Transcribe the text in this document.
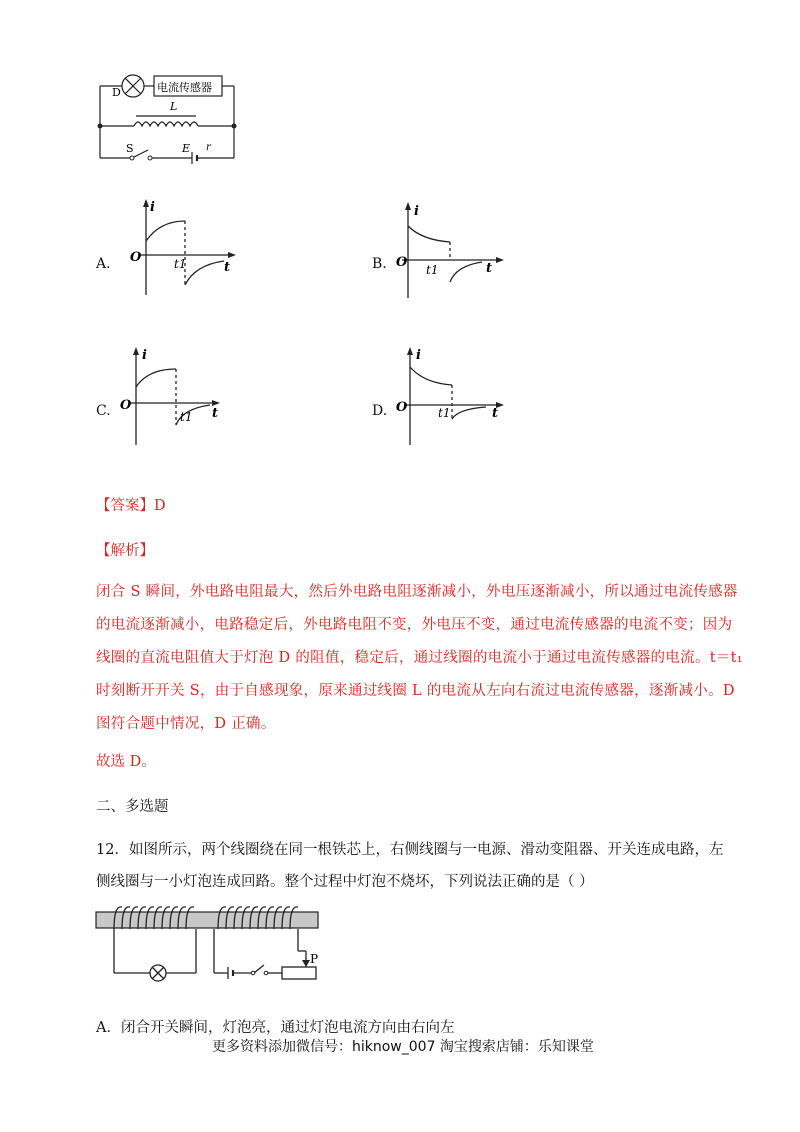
D	电流传感器
L
S	E r
A.
i
t
O	t1	B.
i
t
O t1
C.
i
t
O
t1	D.
i
t
O	t1
【答案】D
【解析】
闭合 S 瞬间，外电路电阻最大，然后外电路电阻逐渐减小，外电压逐渐减小，所以通过电流传感器
的电流逐渐减小，电路稳定后，外电路电阻不变，外电压不变，通过电流传感器的电流不变；因为
线圈的直流电阻值大于灯泡 D 的阻值，稳定后，通过线圈的电流小于通过电流传感器的电流。t＝t₁
时刻断开开关 S，由于自感现象，原来通过线圈 L 的电流从左向右流过电流传感器，逐渐减小。D
图符合题中情况，D 正确。
故选 D。
二、多选题
12．如图所示，两个线圈绕在同一根铁芯上，右侧线圈与一电源、滑动变阻器、开关连成电路，左
侧线圈与一小灯泡连成回路。整个过程中灯泡不烧坏，下列说法正确的是（ ）
P
A．闭合开关瞬间，灯泡亮，通过灯泡电流方向由右向左
更多资料添加微信号：hiknow_007 淘宝搜索店铺：乐知课堂
